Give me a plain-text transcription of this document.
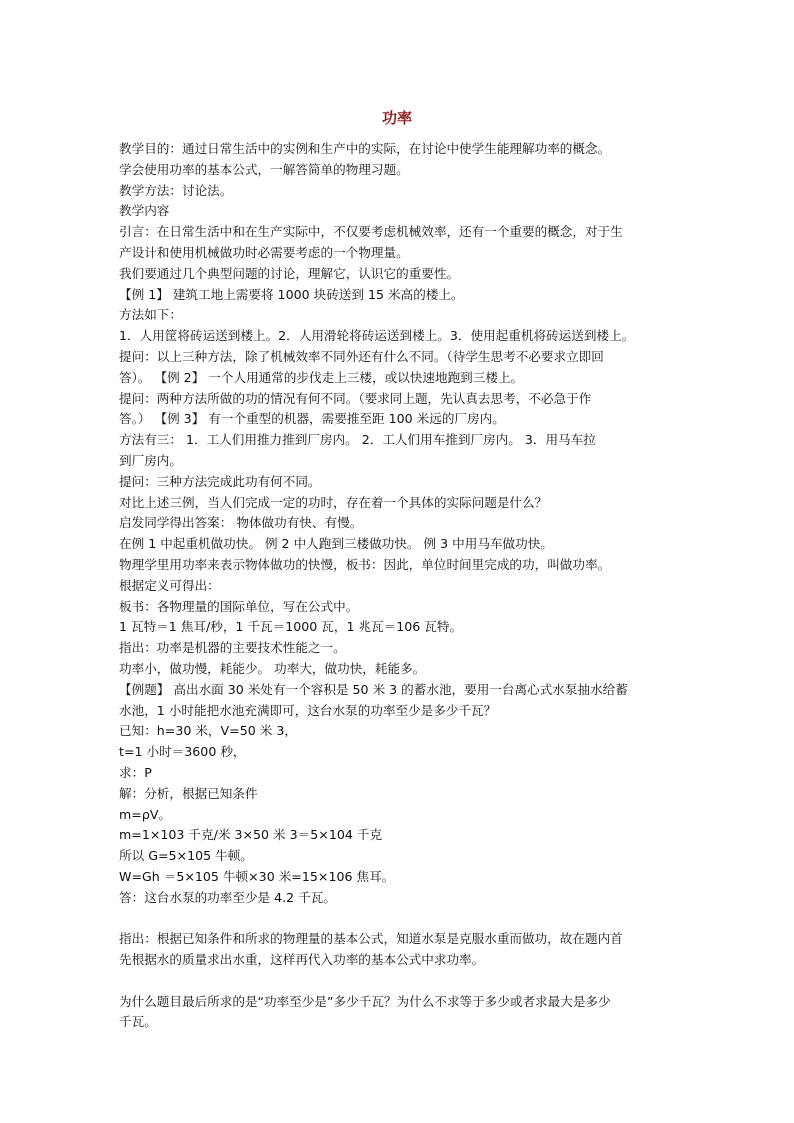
功率
教学目的：通过日常生活中的实例和生产中的实际，在讨论中使学生能理解功率的概念。
学会使用功率的基本公式，一解答简单的物理习题。
教学方法：讨论法。
教学内容
引言：在日常生活中和在生产实际中，不仅要考虑机械效率，还有一个重要的概念，对于生
产设计和使用机械做功时必需要考虑的一个物理量。
我们要通过几个典型问题的讨论，理解它，认识它的重要性。
【例 1】 建筑工地上需要将 1000 块砖送到 15 米高的楼上。
方法如下：
1．人用筐将砖运送到楼上。2．人用滑轮将砖运送到楼上。3．使用起重机将砖运送到楼上。
提问：以上三种方法，除了机械效率不同外还有什么不同。（待学生思考不必要求立即回
答）。 【例 2】 一个人用通常的步伐走上三楼，或以快速地跑到三楼上。
提问：两种方法所做的功的情况有何不同。（要求同上题，先认真去思考，不必急于作
答。） 【例 3】 有一个重型的机器，需要推至距 100 米远的厂房内。
方法有三： 1．工人们用推力推到厂房内。 2．工人们用车推到厂房内。 3．用马车拉
到厂房内。
提问：三种方法完成此功有何不同。
对比上述三例，当人们完成一定的功时，存在着一个具体的实际问题是什么？
启发同学得出答案： 物体做功有快、有慢。
在例 1 中起重机做功快。 例 2 中人跑到三楼做功快。 例 3 中用马车做功快。
物理学里用功率来表示物体做功的快慢，板书：因此，单位时间里完成的功，叫做功率。
根据定义可得出：
板书：各物理量的国际单位，写在公式中。
1 瓦特＝1 焦耳/秒，1 千瓦＝1000 瓦，1 兆瓦＝106 瓦特。
指出：功率是机器的主要技术性能之一。
功率小，做功慢，耗能少。 功率大，做功快，耗能多。
【例题】 高出水面 30 米处有一个容积是 50 米 3 的蓄水池，要用一台离心式水泵抽水给蓄
水池，1 小时能把水池充满即可，这台水泵的功率至少是多少千瓦？
已知：h=30 米，V=50 米 3，
t=1 小时＝3600 秒，
求：P
解：分析，根据已知条件
m=ρV。
m=1×103 千克/米 3×50 米 3＝5×104 千克
所以 G=5×105 牛顿。
W=Gh ＝5×105 牛顿×30 米=15×106 焦耳。
答：这台水泵的功率至少是 4.2 千瓦。
指出：根据已知条件和所求的物理量的基本公式，知道水泵是克服水重而做功，故在题内首
先根据水的质量求出水重，这样再代入功率的基本公式中求功率。
为什么题目最后所求的是“功率至少是”多少千瓦？为什么不求等于多少或者求最大是多少
千瓦。
